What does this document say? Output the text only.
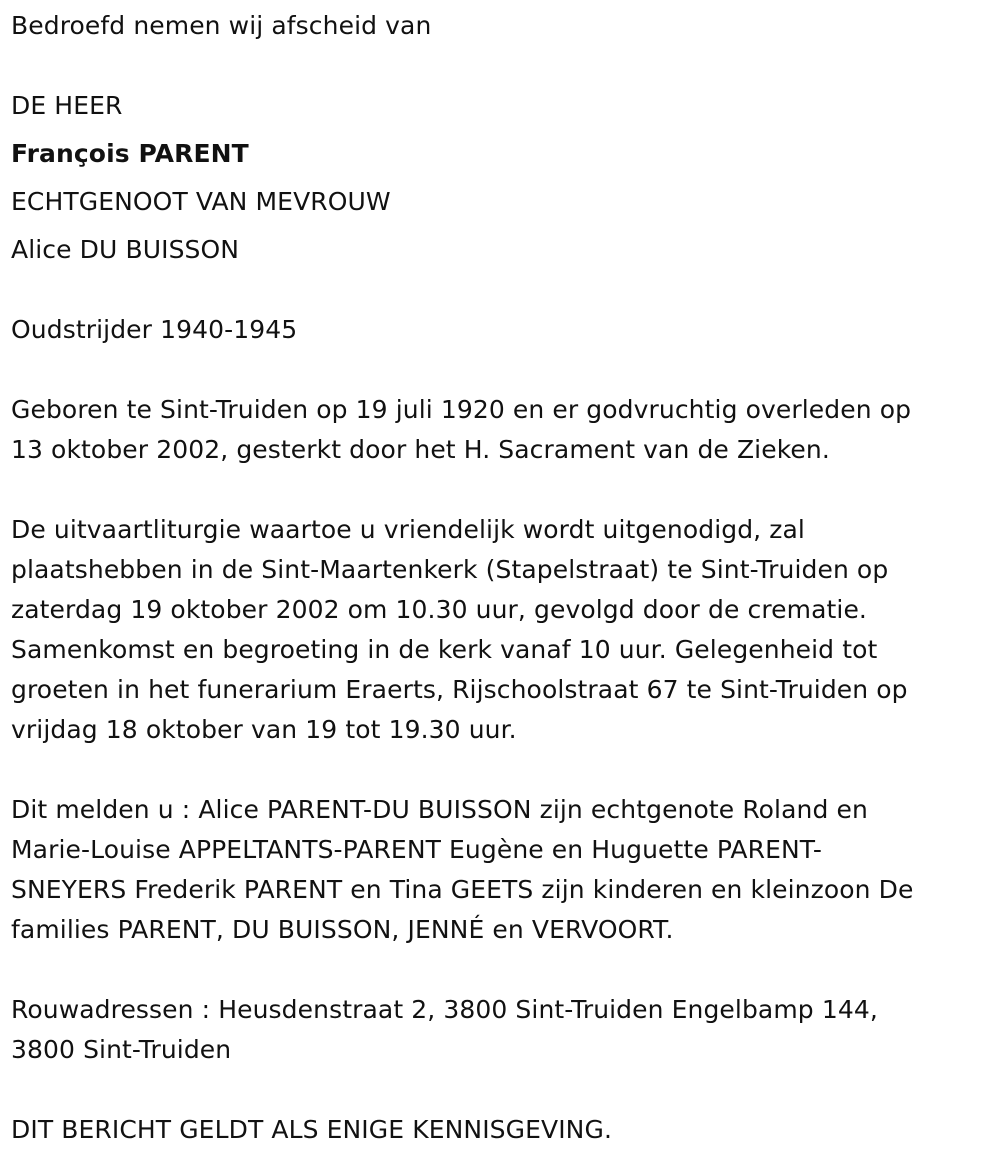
Bedroefd nemen wij afscheid van

DE HEER

François PARENT

ECHTGENOOT VAN MEVROUW

Alice DU BUISSON

Oudstrijder 1940-1945

Geboren te Sint-Truiden op 19 juli 1920 en er godvruchtig overleden op

13 oktober 2002, gesterkt door het H. Sacrament van de Zieken.

De uitvaartliturgie waartoe u vriendelijk wordt uitgenodigd, zal

plaatshebben in de Sint-Maartenkerk (Stapelstraat) te Sint-Truiden op

zaterdag 19 oktober 2002 om 10.30 uur, gevolgd door de crematie.

Samenkomst en begroeting in de kerk vanaf 10 uur. Gelegenheid tot

groeten in het funerarium Eraerts, Rijschoolstraat 67 te Sint-Truiden op

vrijdag 18 oktober van 19 tot 19.30 uur.

Dit melden u : Alice PARENT-DU BUISSON zijn echtgenote Roland en

Marie-Louise APPELTANTS-PARENT Eugène en Huguette PARENT-

SNEYERS Frederik PARENT en Tina GEETS zijn kinderen en kleinzoon De

families PARENT, DU BUISSON, JENNÉ en VERVOORT.

Rouwadressen : Heusdenstraat 2, 3800 Sint-Truiden Engelbamp 144,

3800 Sint-Truiden

DIT BERICHT GELDT ALS ENIGE KENNISGEVING.
